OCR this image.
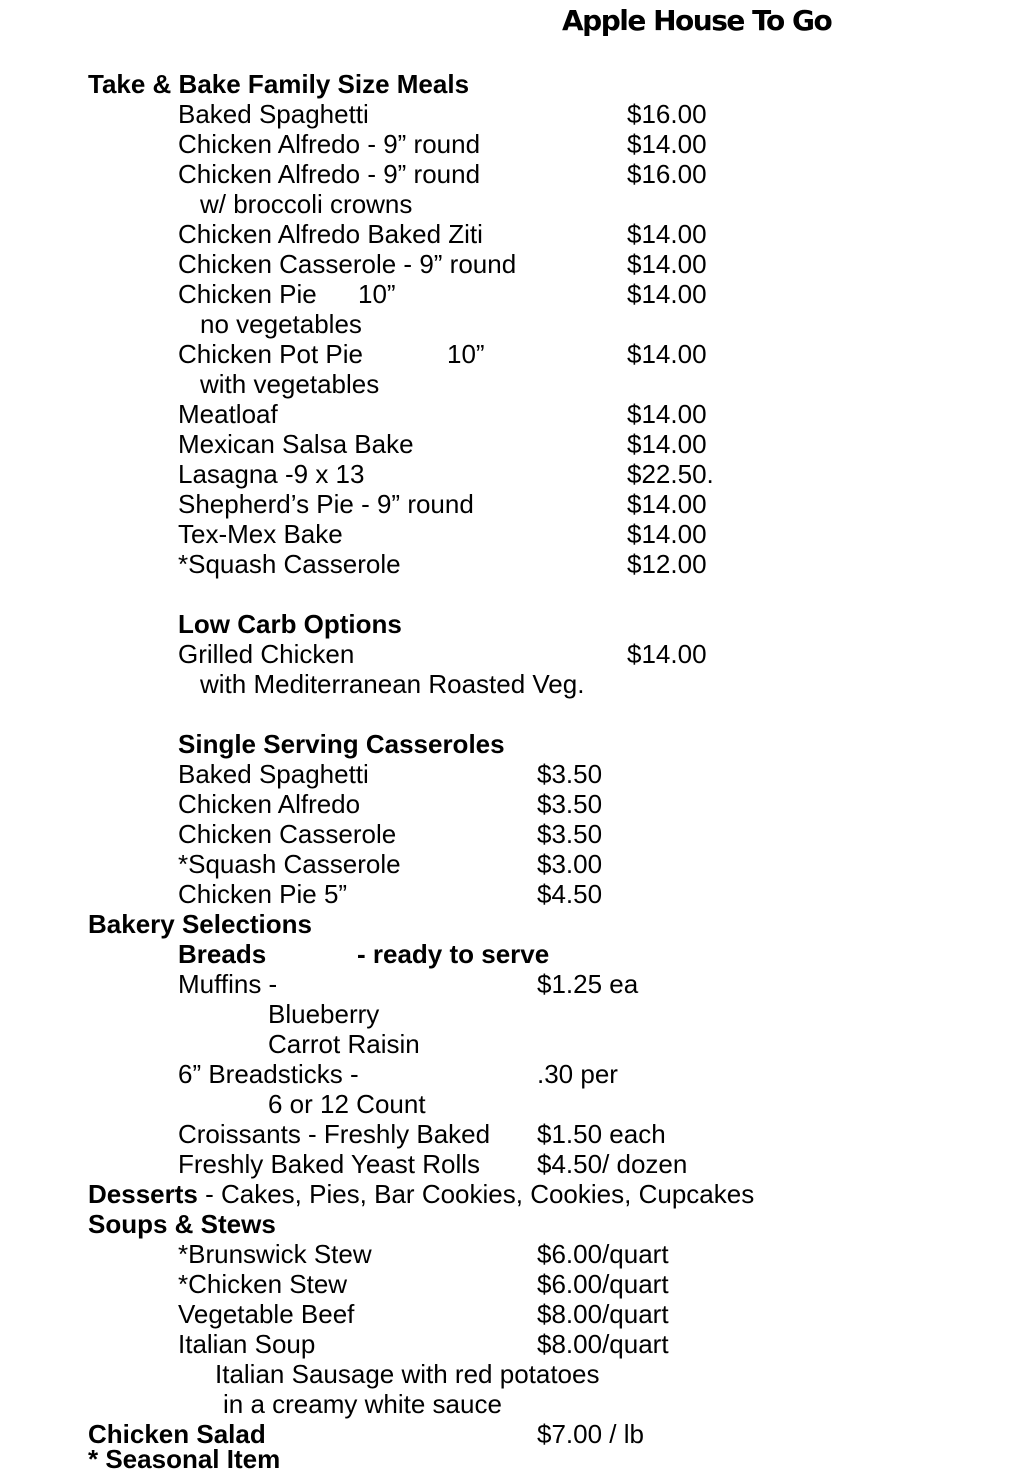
Apple House To Go
Take & Bake Family Size Meals
Baked Spaghetti	$16.00
Chicken Alfredo - 9” round	$14.00
Chicken Alfredo - 9” round	$16.00
w/ broccoli crowns
Chicken Alfredo Baked Ziti	$14.00
Chicken Casserole - 9” round	$14.00
Chicken Pie 10”	$14.00
no vegetables
Chicken Pot Pie	10”	$14.00
with vegetables
Meatloaf	$14.00
Mexican Salsa Bake	$14.00
Lasagna -9 x 13	$22.50.
Shepherd’s Pie - 9” round	$14.00
Tex-Mex Bake	$14.00
*Squash Casserole	$12.00
Low Carb Options
Grilled Chicken	$14.00
with Mediterranean Roasted Veg.
Single Serving Casseroles
Baked Spaghetti	$3.50
Chicken Alfredo	$3.50
Chicken Casserole	$3.50
*Squash Casserole	$3.00
Chicken Pie 5”	$4.50
Bakery Selections
Breads	- ready to serve
Muffins -	$1.25 ea
Blueberry
Carrot Raisin
6” Breadsticks -	.30 per
6 or 12 Count
Croissants - Freshly Baked $1.50 each
Freshly Baked Yeast Rolls $4.50/ dozen
Desserts - Cakes, Pies, Bar Cookies, Cookies, Cupcakes
Soups & Stews
*Brunswick Stew	$6.00/quart
*Chicken Stew	$6.00/quart
Vegetable Beef	$8.00/quart
Italian Soup	$8.00/quart
Italian Sausage with red potatoes
in a creamy white sauce
Chicken Salad	$7.00 / lb
* Seasonal Item
